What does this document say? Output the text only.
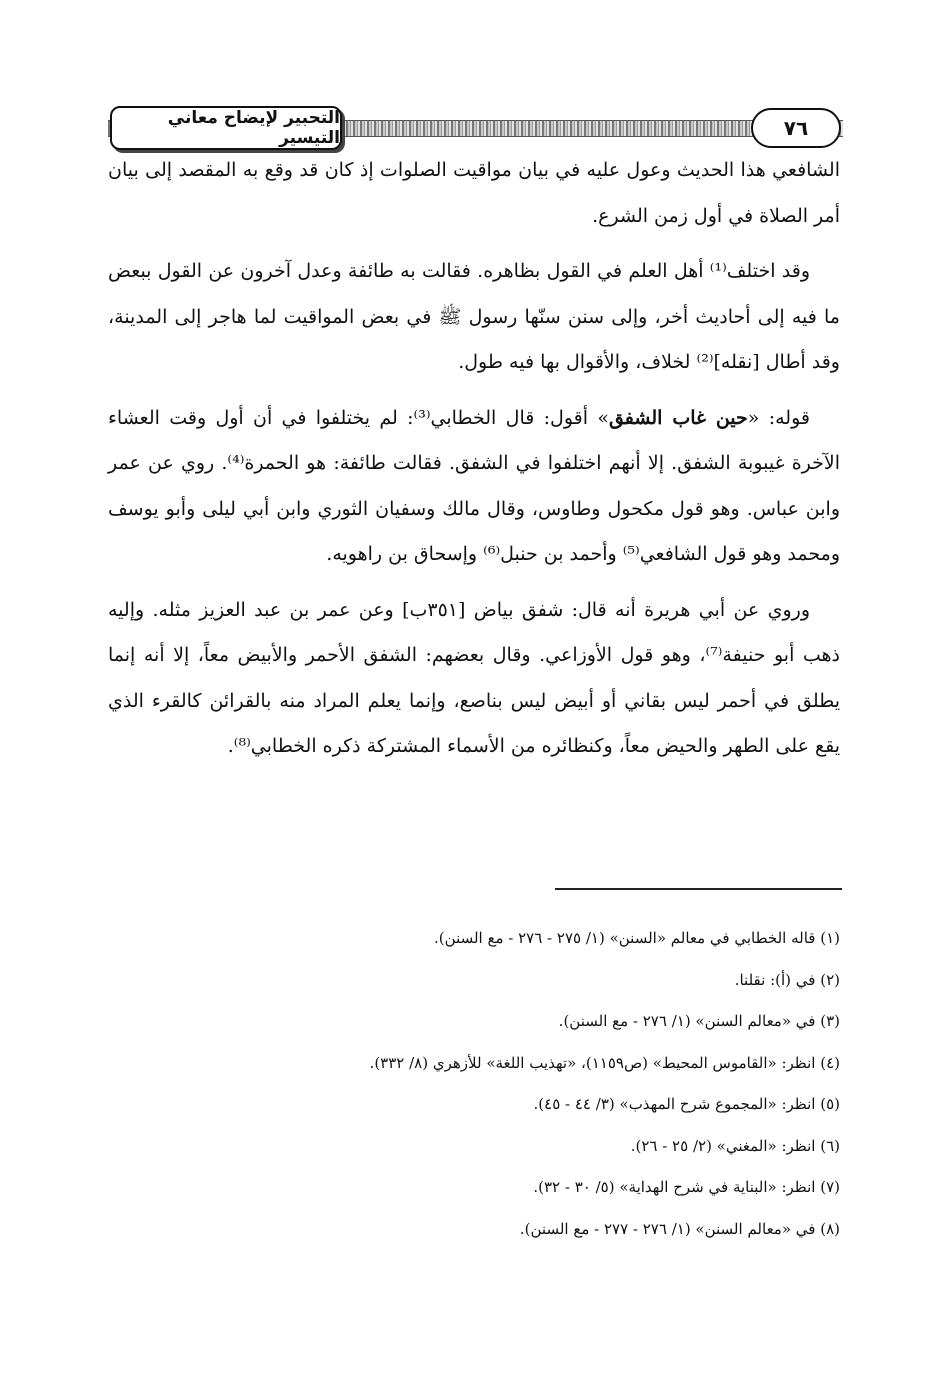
التحبير لإيضاح معاني التيسير	٧٦

الشافعي هذا الحديث وعول عليه في بيان مواقيت الصلوات إذ كان قد وقع به المقصد إلى بيان أمر الصلاة في أول زمن الشرع.

وقد اختلف⁽¹⁾ أهل العلم في القول بظاهره. فقالت به طائفة وعدل آخرون عن القول ببعض ما فيه إلى أحاديث أخر، وإلى سنن سنّها رسول ﷺ في بعض المواقيت لما هاجر إلى المدينة، وقد أطال [نقله]⁽²⁾ لخلاف، والأقوال بها فيه طول.

قوله: «حين غاب الشفق» أقول: قال الخطابي⁽³⁾: لم يختلفوا في أن أول وقت العشاء الآخرة غيبوبة الشفق. إلا أنهم اختلفوا في الشفق. فقالت طائفة: هو الحمرة⁽⁴⁾. روي عن عمر وابن عباس. وهو قول مكحول وطاوس، وقال مالك وسفيان الثوري وابن أبي ليلى وأبو يوسف ومحمد وهو قول الشافعي⁽⁵⁾ وأحمد بن حنبل⁽⁶⁾ وإسحاق بن راهويه.

وروي عن أبي هريرة أنه قال: شفق بياض [٣٥١ب] وعن عمر بن عبد العزيز مثله. وإليه ذهب أبو حنيفة⁽⁷⁾، وهو قول الأوزاعي. وقال بعضهم: الشفق الأحمر والأبيض معاً، إلا أنه إنما يطلق في أحمر ليس بقاني أو أبيض ليس بناصع، وإنما يعلم المراد منه بالقرائن كالقرء الذي يقع على الطهر والحيض معاً، وكنظائره من الأسماء المشتركة ذكره الخطابي⁽⁸⁾.

(١) قاله الخطابي في معالم «السنن» (١/ ٢٧٥ - ٢٧٦ - مع السنن).
(٢) في (أ): نقلنا.
(٣) في «معالم السنن» (١/ ٢٧٦ - مع السنن).
(٤) انظر: «القاموس المحيط» (ص١١٥٩)، «تهذيب اللغة» للأزهري (٨/ ٣٣٢).
(٥) انظر: «المجموع شرح المهذب» (٣/ ٤٤ - ٤٥).
(٦) انظر: «المغني» (٢/ ٢٥ - ٢٦).
(٧) انظر: «البناية في شرح الهداية» (٥/ ٣٠ - ٣٢).
(٨) في «معالم السنن» (١/ ٢٧٦ - ٢٧٧ - مع السنن).
